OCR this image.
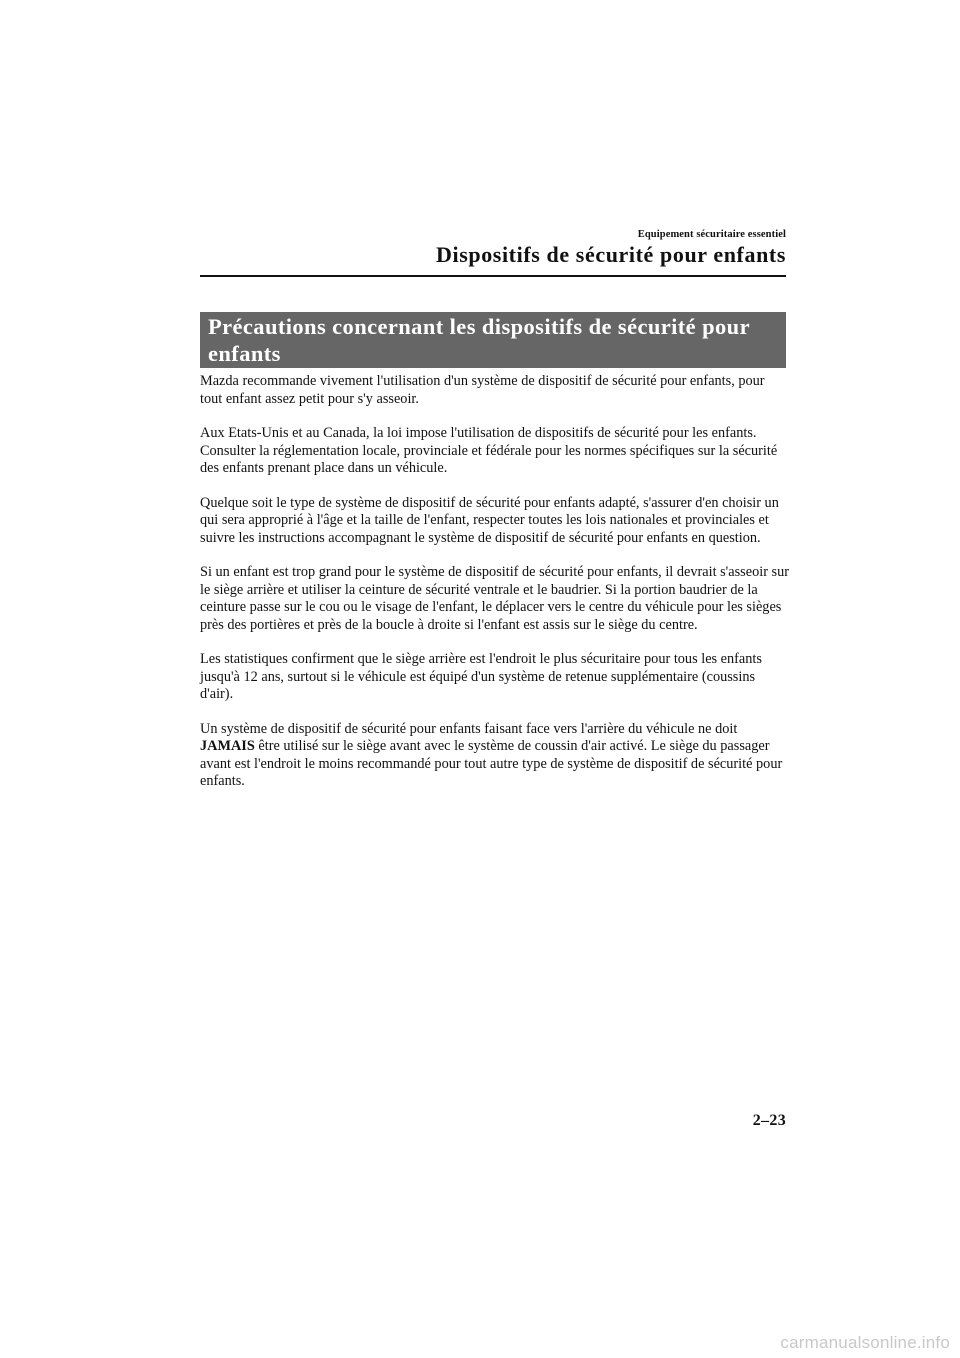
Equipement sécuritaire essentiel
Dispositifs de sécurité pour enfants
Précautions concernant les dispositifs de sécurité pour enfants

Mazda recommande vivement l'utilisation d'un système de dispositif de sécurité pour enfants, pour tout enfant assez petit pour s'y asseoir.

Aux Etats-Unis et au Canada, la loi impose l'utilisation de dispositifs de sécurité pour les enfants.
Consulter la réglementation locale, provinciale et fédérale pour les normes spécifiques sur la sécurité des enfants prenant place dans un véhicule.

Quelque soit le type de système de dispositif de sécurité pour enfants adapté, s'assurer d'en choisir un qui sera approprié à l'âge et la taille de l'enfant, respecter toutes les lois nationales et provinciales et suivre les instructions accompagnant le système de dispositif de sécurité pour enfants en question.

Si un enfant est trop grand pour le système de dispositif de sécurité pour enfants, il devrait s'asseoir sur le siège arrière et utiliser la ceinture de sécurité ventrale et le baudrier. Si la portion baudrier de la ceinture passe sur le cou ou le visage de l'enfant, le déplacer vers le centre du véhicule pour les sièges près des portières et près de la boucle à droite si l'enfant est assis sur le siège du centre.

Les statistiques confirment que le siège arrière est l'endroit le plus sécuritaire pour tous les enfants jusqu'à 12 ans, surtout si le véhicule est équipé d'un système de retenue supplémentaire (coussins d'air).

Un système de dispositif de sécurité pour enfants faisant face vers l'arrière du véhicule ne doit JAMAIS être utilisé sur le siège avant avec le système de coussin d'air activé. Le siège du passager avant est l'endroit le moins recommandé pour tout autre type de système de dispositif de sécurité pour enfants.

2–23
carmanualsonline.info
